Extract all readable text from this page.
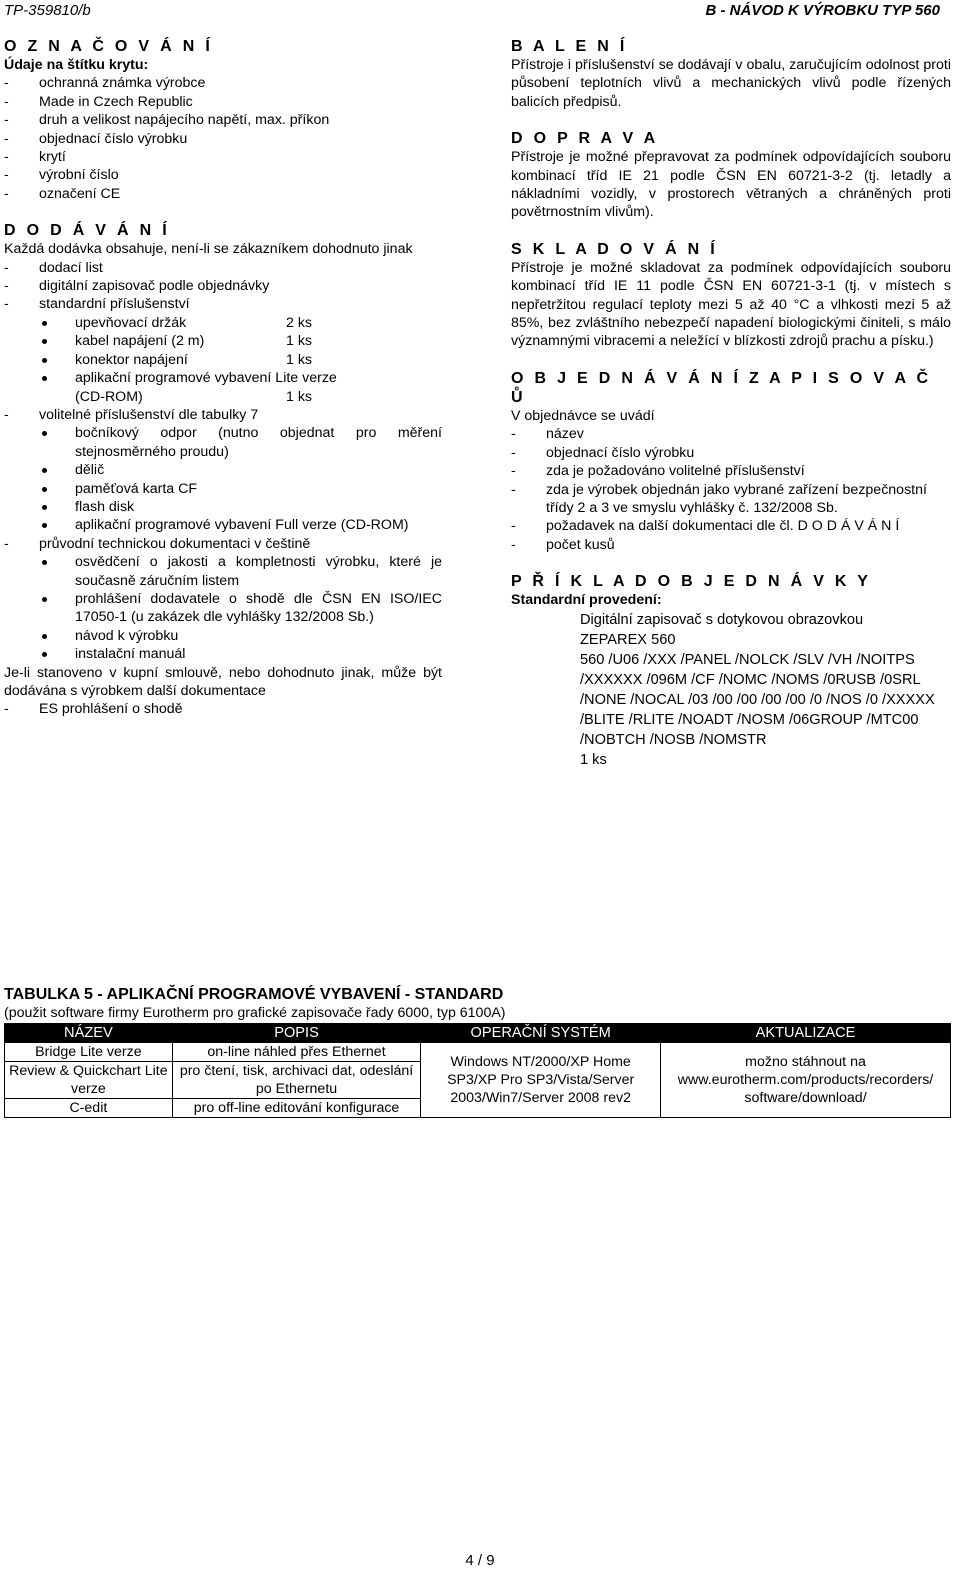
TP-359810/b	B - NÁVOD K VÝROBKU TYP 560
O Z N A Č O V Á N Í

Údaje na štítku krytu:

- ochranná známka výrobce

- Made in Czech Republic

- druh a velikost napájecího napětí, max. příkon

- objednací číslo výrobku

- krytí

- výrobní číslo

- označení CE

D O D Á V Á N Í

Každá dodávka obsahuje, není-li se zákazníkem dohodnuto jinak

- dodací list

- digitální zapisovač podle objednávky

- standardní příslušenství

upevňovací držák	2 ks
kabel napájení (2 m)	1 ks
konektor napájení	1 ks
aplikační programové vybavení Lite verze
(CD-ROM)	1 ks

- volitelné příslušenství dle tabulky 7

bočníkový odpor (nutno objednat pro měření stejnosměrného proudu)

dělič

paměťová karta CF

flash disk

aplikační programové vybavení Full verze (CD-ROM)

- průvodní technickou dokumentaci v češtině

osvědčení o jakosti a kompletnosti výrobku, které je současně záručním listem

prohlášení dodavatele o shodě dle ČSN EN ISO/IEC 17050-1 (u zakázek dle vyhlášky 132/2008 Sb.)

návod k výrobku

instalační manuál

Je-li stanoveno v kupní smlouvě, nebo dohodnuto jinak, může být dodávána s výrobkem další dokumentace

- ES prohlášení o shodě

B A L E N Í

Přístroje i příslušenství se dodávají v obalu, zaručujícím odolnost proti působení teplotních vlivů a mechanických vlivů podle řízených balicích předpisů.

D O P R A V A

Přístroje je možné přepravovat za podmínek odpovídajících souboru kombinací tříd IE 21 podle ČSN EN 60721-3-2 (tj. letadly a nákladními vozidly, v prostorech větraných a chráněných proti povětrnostním vlivům).

S K L A D O V Á N Í

Přístroje je možné skladovat za podmínek odpovídajících souboru kombinací tříd IE 11 podle ČSN EN 60721-3-1 (tj. v místech s nepřetržitou regulací teploty mezi 5 až 40 °C a vlhkosti mezi 5 až 85%, bez zvláštního nebezpečí napadení biologickými činiteli, s málo významnými vibracemi a neležící v blízkosti zdrojů prachu a písku.)

O B J E D N Á V Á N Í Z A P I S O V A Č Ů

V objednávce se uvádí

- název

- objednací číslo výrobku

- zda je požadováno volitelné příslušenství

- zda je výrobek objednán jako vybrané zařízení bezpečnostní třídy 2 a 3 ve smyslu vyhlášky č. 132/2008 Sb.

- požadavek na další dokumentaci dle čl. D O D Á V Á N Í

- počet kusů

P Ř Í K L A D O B J E D N Á V K Y

Standardní provedení:

Digitální zapisovač s dotykovou obrazovkou

ZEPAREX 560

560 /U06 /XXX /PANEL /NOLCK /SLV /VH /NOITPS /XXXXXX /096M /CF /NOMC /NOMS /0RUSB /0SRL /NONE /NOCAL /03 /00 /00 /00 /00 /0 /NOS /0 /XXXXX /BLITE /RLITE /NOADT /NOSM /06GROUP /MTC00 /NOBTCH /NOSB /NOMSTR

1 ks

TABULKA 5 - APLIKAČNÍ PROGRAMOVÉ VYBAVENÍ - STANDARD

(použit software firmy Eurotherm pro grafické zapisovače řady 6000, typ 6100A)

NÁZEV	POPIS	OPERAČNÍ SYSTÉM	AKTUALIZACE
Bridge Lite verze	on-line náhled přes Ethernet	Windows NT/2000/XP Home SP3/XP Pro SP3/Vista/Server 2003/Win7/Server 2008 rev2	možno stáhnout na www.eurotherm.com/products/recorders/ software/download/
Review & Quickchart Lite verze	pro čtení, tisk, archivaci dat, odeslání po Ethernetu		
C-edit	pro off-line editování konfigurace		
4 / 9
